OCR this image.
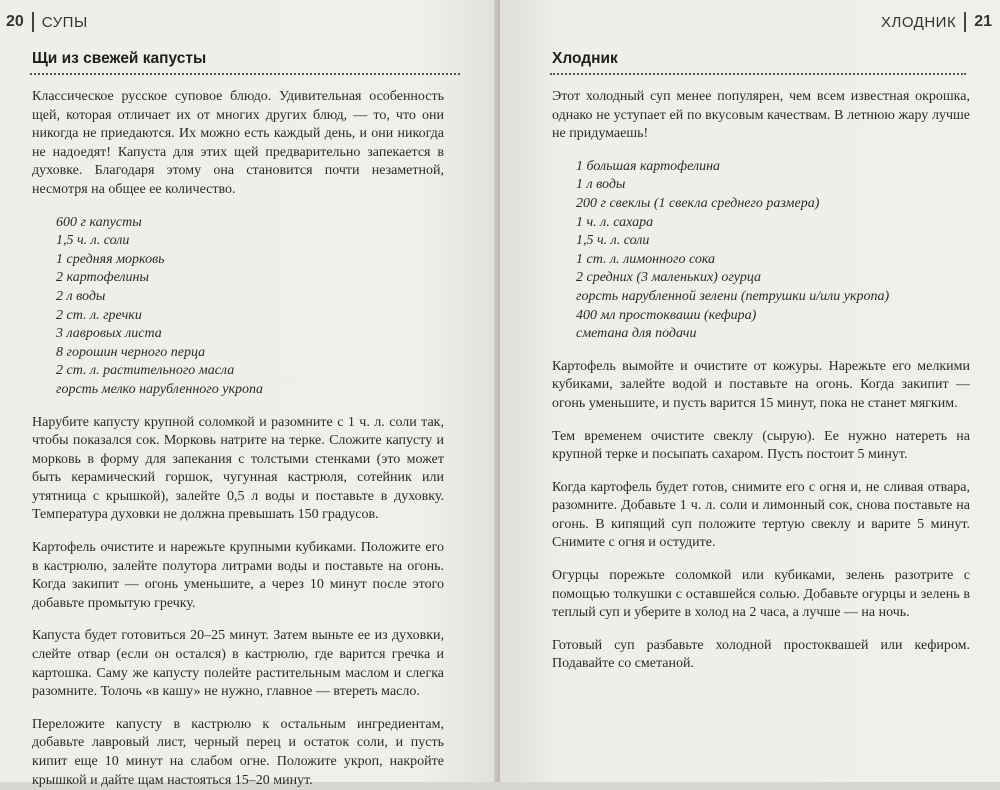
20 СУПЫ
Щи из свежей капусты

Классическое русское суповое блюдо. Удивительная особенность щей, которая отличает их от многих других блюд, — то, что они никогда не приедаются. Их можно есть каждый день, и они никогда не надоедят! Капуста для этих щей предварительно запекается в духовке. Благодаря этому она становится почти незаметной, несмотря на общее ее количество.

600 г капусты
1,5 ч. л. соли
1 средняя морковь
2 картофелины
2 л воды
2 ст. л. гречки
3 лавровых листа
8 горошин черного перца
2 ст. л. растительного масла
горсть мелко нарубленного укропа

Нарубите капусту крупной соломкой и разомните с 1 ч. л. соли так, чтобы показался сок. Морковь натрите на терке. Сложите капусту и морковь в форму для запекания с толстыми стенками (это может быть керамический горшок, чугунная кастрюля, сотейник или утятница с крышкой), залейте 0,5 л воды и поставьте в духовку. Температура духовки не должна превышать 150 градусов.

Картофель очистите и нарежьте крупными кубиками. Положите его в кастрюлю, залейте полутора литрами воды и поставьте на огонь. Когда закипит — огонь уменьшите, а через 10 минут после этого добавьте промытую гречку.

Капуста будет готовиться 20–25 минут. Затем выньте ее из духовки, слейте отвар (если он остался) в кастрюлю, где варится гречка и картошка. Саму же капусту полейте растительным маслом и слегка разомните. Толочь «в кашу» не нужно, главное — втереть масло.

Переложите капусту в кастрюлю к остальным ингредиентам, добавьте лавровый лист, черный перец и остаток соли, и пусть кипит еще 10 минут на слабом огне. Положите укроп, накройте крышкой и дайте щам настояться 15–20 минут.

ХЛОДНИК 21
Хлодник

Этот холодный суп менее популярен, чем всем известная окрошка, однако не уступает ей по вкусовым качествам. В летнюю жару лучше не придумаешь!

1 большая картофелина
1 л воды
200 г свеклы (1 свекла среднего размера)
1 ч. л. сахара
1,5 ч. л. соли
1 ст. л. лимонного сока
2 средних (3 маленьких) огурца
горсть нарубленной зелени (петрушки и/или укропа)
400 мл простокваши (кефира)
сметана для подачи

Картофель вымойте и очистите от кожуры. Нарежьте его мелкими кубиками, залейте водой и поставьте на огонь. Когда закипит — огонь уменьшите, и пусть варится 15 минут, пока не станет мягким.

Тем временем очистите свеклу (сырую). Ее нужно натереть на крупной терке и посыпать сахаром. Пусть постоит 5 минут.

Когда картофель будет готов, снимите его с огня и, не сливая отвара, разомните. Добавьте 1 ч. л. соли и лимонный сок, снова поставьте на огонь. В кипящий суп положите тертую свеклу и варите 5 минут. Снимите с огня и остудите.

Огурцы порежьте соломкой или кубиками, зелень разотрите с помощью толкушки с оставшейся солью. Добавьте огурцы и зелень в теплый суп и уберите в холод на 2 часа, а лучше — на ночь.

Готовый суп разбавьте холодной простоквашей или кефиром. Подавайте со сметаной.
